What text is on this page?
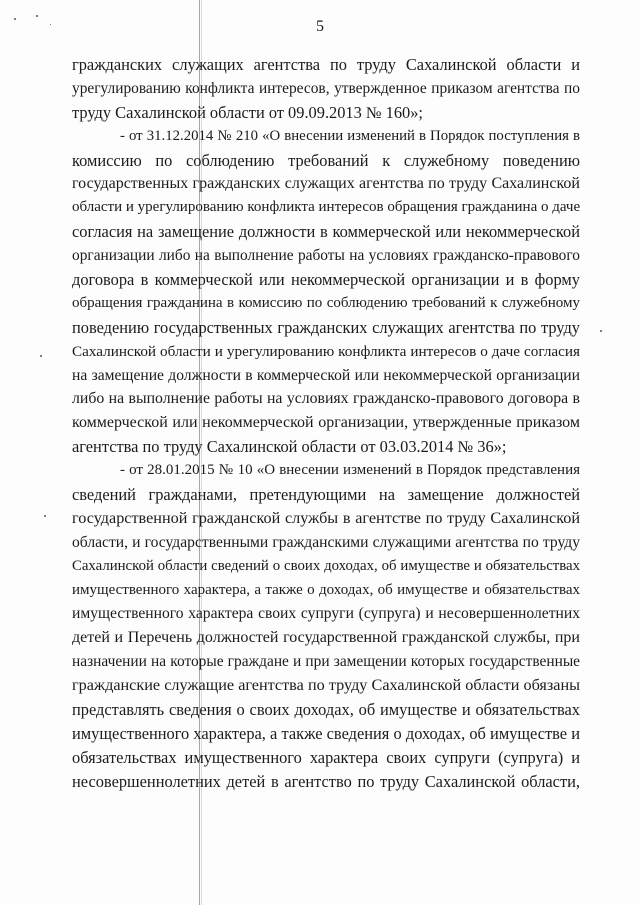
5
гражданских служащих агентства по труду Сахалинской области и
урегулированию конфликта интересов, утвержденное приказом агентства по
труду Сахалинской области от 09.09.2013 № 160»;
- от 31.12.2014 № 210 «О внесении изменений в Порядок поступления в
комиссию по соблюдению требований к служебному поведению
государственных гражданских служащих агентства по труду Сахалинской
области и урегулированию конфликта интересов обращения гражданина о даче
согласия на замещение должности в коммерческой или некоммерческой
организации либо на выполнение работы на условиях гражданско-правового
договора в коммерческой или некоммерческой организации и в форму
обращения гражданина в комиссию по соблюдению требований к служебному
поведению государственных гражданских служащих агентства по труду
Сахалинской области и урегулированию конфликта интересов о даче согласия
на замещение должности в коммерческой или некоммерческой организации
либо на выполнение работы на условиях гражданско-правового договора в
коммерческой или некоммерческой организации, утвержденные приказом
агентства по труду Сахалинской области от 03.03.2014 № 36»;
- от 28.01.2015 № 10 «О внесении изменений в Порядок представления
сведений гражданами, претендующими на замещение должностей
государственной гражданской службы в агентстве по труду Сахалинской
области, и государственными гражданскими служащими агентства по труду
Сахалинской области сведений о своих доходах, об имуществе и обязательствах
имущественного характера, а также о доходах, об имуществе и обязательствах
имущественного характера своих супруги (супруга) и несовершеннолетних
детей и Перечень должностей государственной гражданской службы, при
назначении на которые граждане и при замещении которых государственные
гражданские служащие агентства по труду Сахалинской области обязаны
представлять сведения о своих доходах, об имуществе и обязательствах
имущественного характера, а также сведения о доходах, об имуществе и
обязательствах имущественного характера своих супруги (супруга) и
несовершеннолетних детей в агентство по труду Сахалинской области,
